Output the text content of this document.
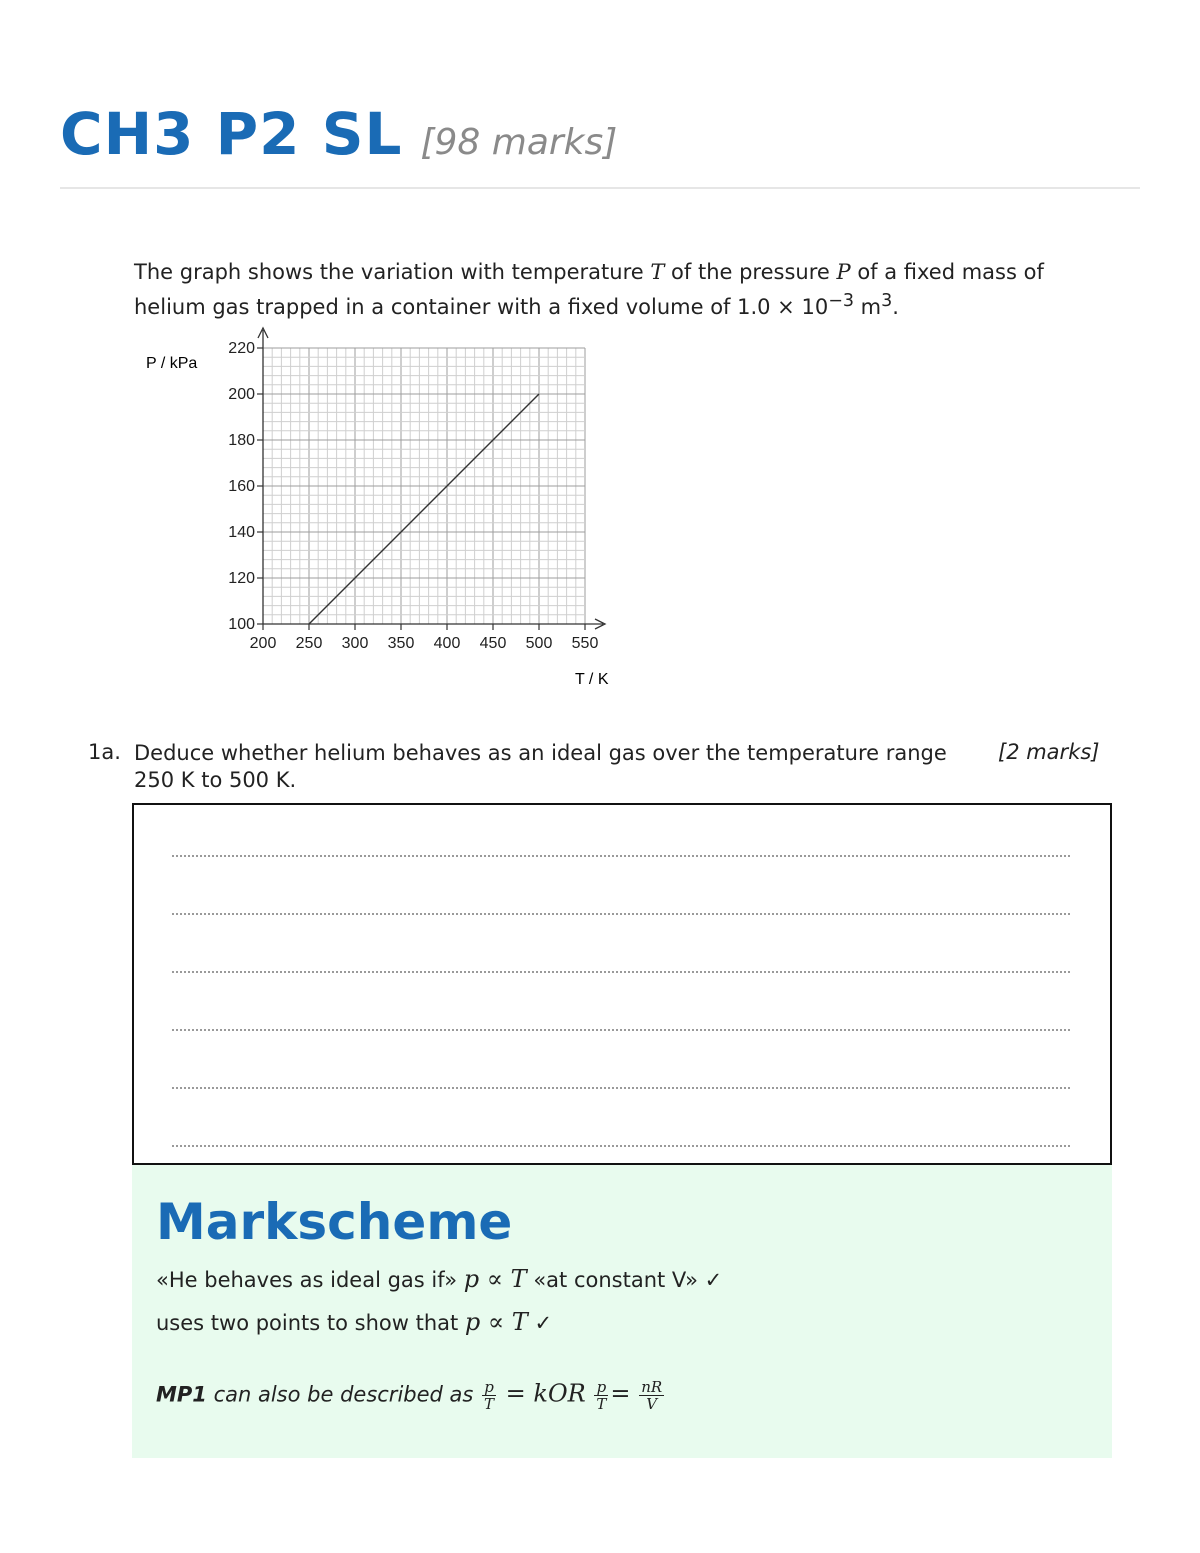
CH3 P2 SL [98 marks]
The graph shows the variation with temperature T of the pressure P of a fixed mass of helium gas trapped in a container with a fixed volume of $1.0 \times 10^{-3}$ $m^3$.
100
120
140
160
180
200
220
200 250 300 350 400 450 500 550
P / kPa
T / K
1a. Deduce whether helium behaves as an ideal gas over the temperature range 250 K to 500 K.
[2 marks]
Markscheme
«He behaves as ideal gas if» p ∝ T «at constant V» ✓
uses two points to show that p ∝ T ✓
MP1 can also be described as $\frac{p}{T}$ = kOR $\frac{p}{T} = \frac{nR}{V}$
